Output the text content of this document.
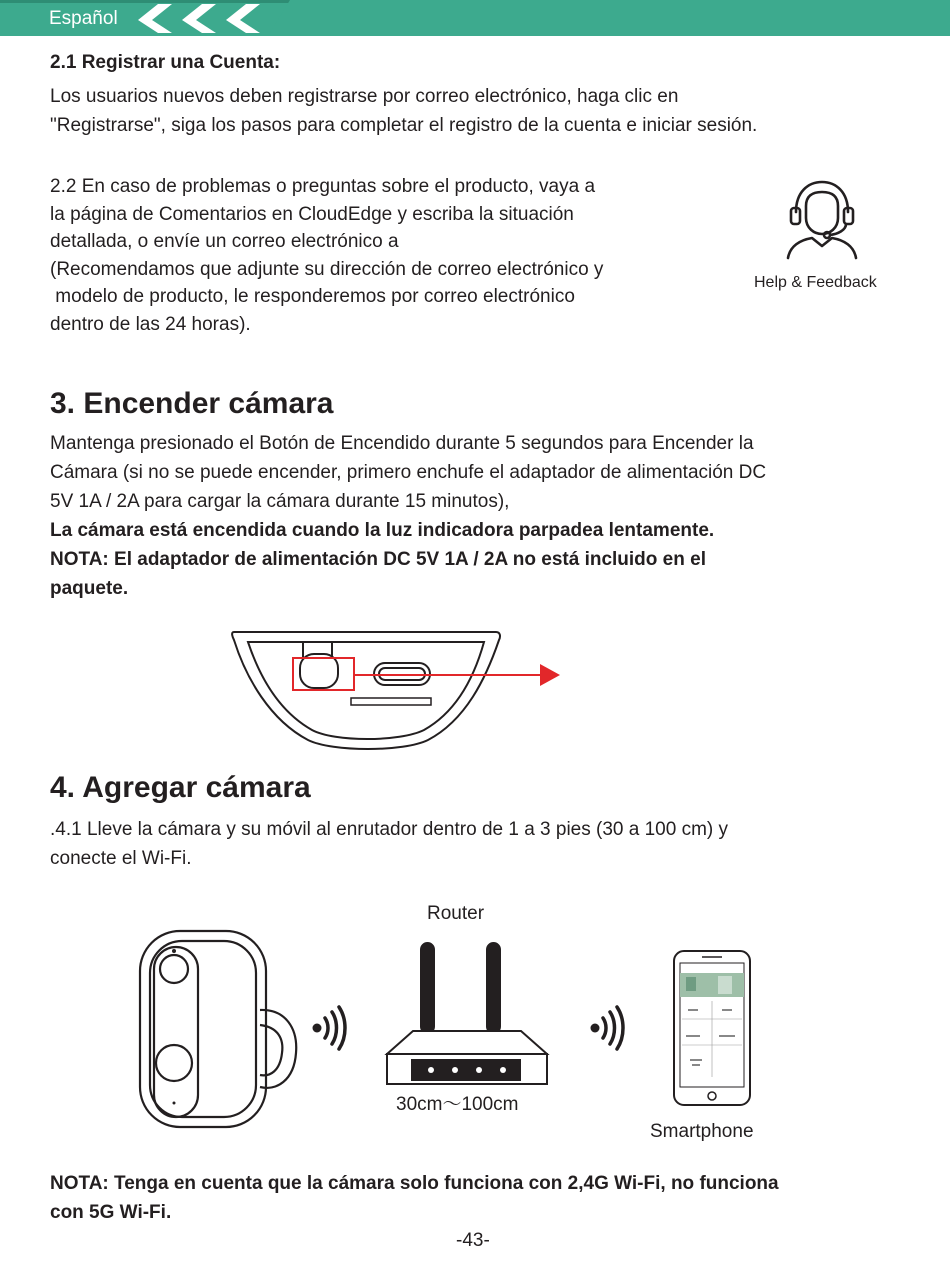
Español
2.1 Registrar una Cuenta:
Los usuarios nuevos deben registrarse por correo electrónico, haga clic en
"Registrarse", siga los pasos para completar el registro de la cuenta e iniciar sesión.
2.2 En caso de problemas o preguntas sobre el producto, vaya a
la página de Comentarios en CloudEdge y escriba la situación
detallada, o envíe un correo electrónico a
(Recomendamos que adjunte su dirección de correo electrónico y
modelo de producto, le responderemos por correo electrónico
dentro de las 24 horas).
Help & Feedback
3. Encender cámara
Mantenga presionado el Botón de Encendido durante 5 segundos para Encender la
Cámara (si no se puede encender, primero enchufe el adaptador de alimentación DC
5V 1A / 2A para cargar la cámara durante 15 minutos),
La cámara está encendida cuando la luz indicadora parpadea lentamente.
NOTA: El adaptador de alimentación DC 5V 1A / 2A no está incluido en el
paquete.
4. Agregar cámara
.4.1 Lleve la cámara y su móvil al enrutador dentro de 1 a 3 pies (30 a 100 cm) y
conecte el Wi-Fi.
Router
30cm～100cm
Smartphone
NOTA: Tenga en cuenta que la cámara solo funciona con 2,4G Wi-Fi, no funciona
con 5G Wi-Fi.
-43-
